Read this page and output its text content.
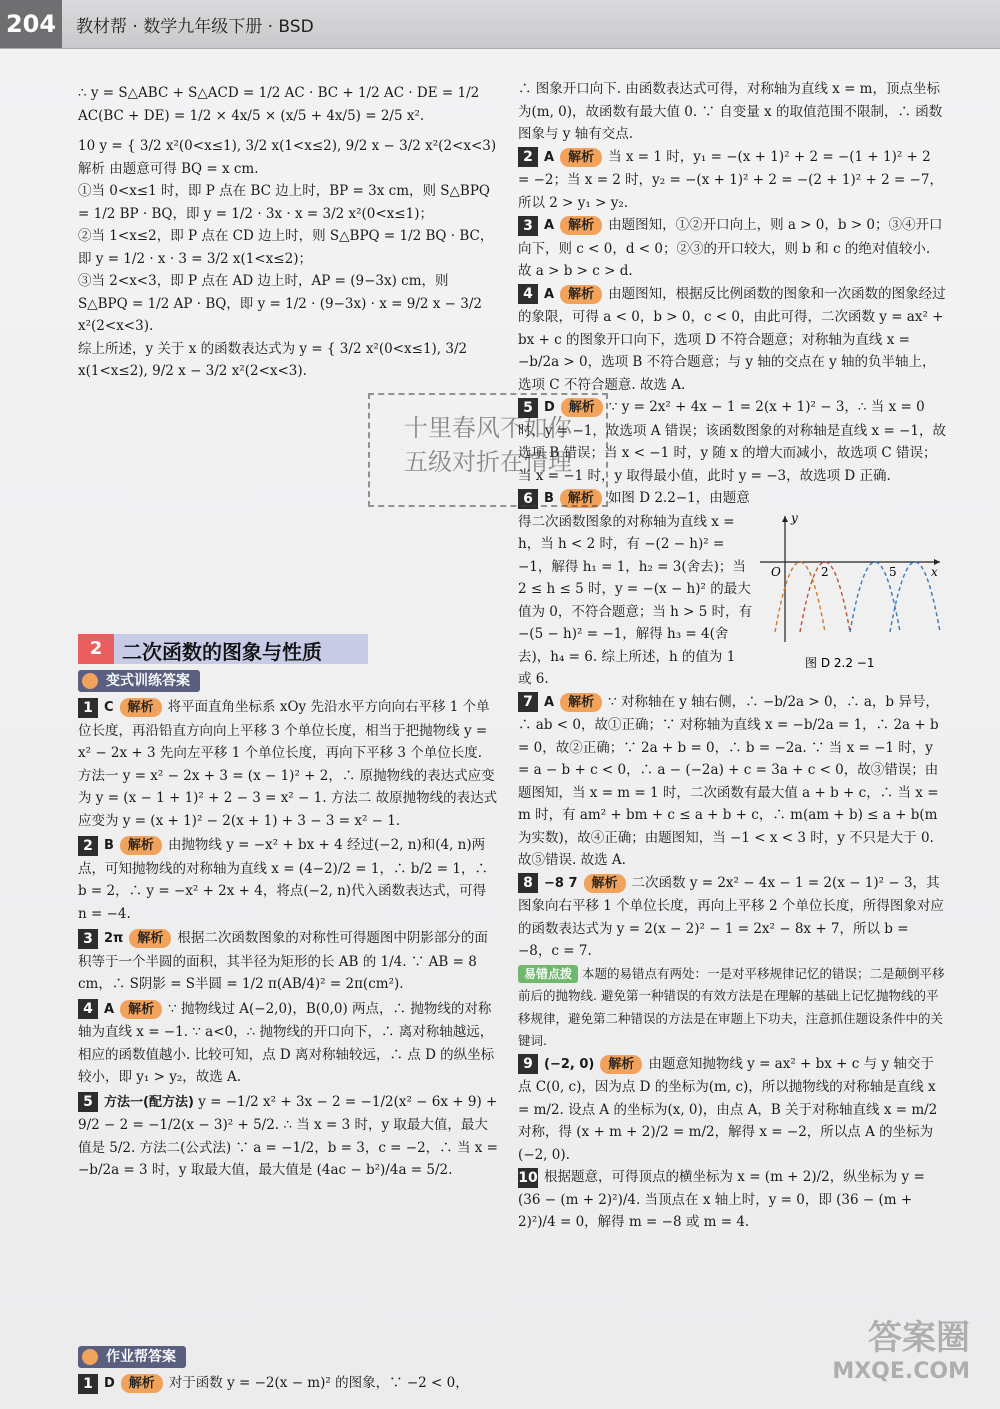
204	教材帮 · 数学九年级下册 · BSD

∴ y = S△ABC + S△ACD = 1/2 AC · BC + 1/2 AC · DE = 1/2 AC(BC + DE) = 1/2 × 4x/5 × (x/5 + 4x/5) = 2/5 x².

10 y = { 3/2 x²(0<x≤1), 3/2 x(1<x≤2), 9/2 x − 3/2 x²(2<x<3) 解析 由题意可得 BQ = x cm.

①当 0<x≤1 时，即 P 点在 BC 边上时，BP = 3x cm，则 S△BPQ = 1/2 BP · BQ，即 y = 1/2 · 3x · x = 3/2 x²(0<x≤1)；

②当 1<x≤2，即 P 点在 CD 边上时，则 S△BPQ = 1/2 BQ · BC，即 y = 1/2 · x · 3 = 3/2 x(1<x≤2)；

③当 2<x<3，即 P 点在 AD 边上时，AP = (9−3x) cm，则 S△BPQ = 1/2 AP · BQ，即 y = 1/2 · (9−3x) · x = 9/2 x − 3/2 x²(2<x<3).

综上所述，y 关于 x 的函数表达式为 y = { 3/2 x²(0<x≤1), 3/2 x(1<x≤2), 9/2 x − 3/2 x²(2<x<3).

2 二次函数的图象与性质
变式训练答案

1 C 解析 将平面直角坐标系 xOy 先沿水平方向向右平移 1 个单位长度，再沿铅直方向向上平移 3 个单位长度，相当于把抛物线 y = x² − 2x + 3 先向左平移 1 个单位长度，再向下平移 3 个单位长度. 方法一 y = x² − 2x + 3 = (x − 1)² + 2，∴ 原抛物线的表达式应变为 y = (x − 1 + 1)² + 2 − 3 = x² − 1. 方法二 故原抛物线的表达式应变为 y = (x + 1)² − 2(x + 1) + 3 − 3 = x² − 1.

2 B 解析 由抛物线 y = −x² + bx + 4 经过(−2, n)和(4, n)两点，可知抛物线的对称轴为直线 x = (4−2)/2 = 1，∴ b/2 = 1，∴ b = 2，∴ y = −x² + 2x + 4，将点(−2, n)代入函数表达式，可得 n = −4.

3 2π 解析 根据二次函数图象的对称性可得题图中阴影部分的面积等于一个半圆的面积，其半径为矩形的长 AB 的 1/4. ∵ AB = 8 cm，∴ S阴影 = S半圆 = 1/2 π(AB/4)² = 2π(cm²).

4 A 解析 ∵ 抛物线过 A(−2,0)，B(0,0) 两点，∴ 抛物线的对称轴为直线 x = −1. ∵ a<0，∴ 抛物线的开口向下，∴ 离对称轴越远，相应的函数值越小. 比较可知，点 D 离对称轴较远，∴ 点 D 的纵坐标较小，即 y₁ > y₂，故选 A.

5 方法一(配方法) y = −1/2 x² + 3x − 2 = −1/2(x² − 6x + 9) + 9/2 − 2 = −1/2(x − 3)² + 5/2. ∴ 当 x = 3 时，y 取最大值，最大值是 5/2. 方法二(公式法) ∵ a = −1/2，b = 3，c = −2，∴ 当 x = −b/2a = 3 时，y 取最大值，最大值是 (4ac − b²)/4a = 5/2.

作业帮答案

1 D 解析 对于函数 y = −2(x − m)² 的图象，∵ −2 < 0，

∴ 图象开口向下. 由函数表达式可得，对称轴为直线 x = m，顶点坐标为(m, 0)，故函数有最大值 0. ∵ 自变量 x 的取值范围不限制，∴ 函数图象与 y 轴有交点.

2 A 解析 当 x = 1 时，y₁ = −(x + 1)² + 2 = −(1 + 1)² + 2 = −2；当 x = 2 时，y₂ = −(x + 1)² + 2 = −(2 + 1)² + 2 = −7，所以 2 > y₁ > y₂.

3 A 解析 由题图知，①②开口向上，则 a > 0，b > 0；③④开口向下，则 c < 0，d < 0；②③的开口较大，则 b 和 c 的绝对值较小. 故 a > b > c > d.

4 A 解析 由题图知，根据反比例函数的图象和一次函数的图象经过的象限，可得 a < 0，b > 0，c < 0，由此可得，二次函数 y = ax² + bx + c 的图象开口向下，选项 D 不符合题意；对称轴为直线 x = −b/2a > 0，选项 B 不符合题意；与 y 轴的交点在 y 轴的负半轴上，选项 C 不符合题意. 故选 A.

5 D 解析 ∵ y = 2x² + 4x − 1 = 2(x + 1)² − 3，∴ 当 x = 0 时，y = −1，故选项 A 错误；该函数图象的对称轴是直线 x = −1，故选项 B 错误；当 x < −1 时，y 随 x 的增大而减小，故选项 C 错误；当 x = −1 时，y 取得最小值，此时 y = −3，故选项 D 正确.

6 B 解析 如图 D 2.2−1，由题意得二次函数图象的对称轴为直线 x = h，当 h < 2 时，有 −(2 − h)² = −1，解得 h₁ = 1，h₂ = 3(舍去)；当 2 ≤ h ≤ 5 时，y = −(x − h)² 的最大值为 0，不符合题意；当 h > 5 时，有 −(5 − h)² = −1，解得 h₃ = 4(舍去)，h₄ = 6. 综上所述，h 的值为 1 或 6.

7 A 解析 ∵ 对称轴在 y 轴右侧，∴ −b/2a > 0，∴ a，b 异号，∴ ab < 0，故①正确；∵ 对称轴为直线 x = −b/2a = 1，∴ 2a + b = 0，故②正确；∵ 2a + b = 0，∴ b = −2a. ∵ 当 x = −1 时，y = a − b + c < 0，∴ a − (−2a) + c = 3a + c < 0，故③错误；由题图知，当 x = m = 1 时，二次函数有最大值 a + b + c，∴ 当 x = m 时，有 am² + bm + c ≤ a + b + c，∴ m(am + b) ≤ a + b(m 为实数)，故④正确；由题图知，当 −1 < x < 3 时，y 不只是大于 0. 故⑤错误. 故选 A.

8 −8 7 解析 二次函数 y = 2x² − 4x − 1 = 2(x − 1)² − 3，其图象向右平移 1 个单位长度，再向上平移 2 个单位长度，所得图象对应的函数表达式为 y = 2(x − 2)² − 1 = 2x² − 8x + 7，所以 b = −8，c = 7.

易错点拨 本题的易错点有两处：一是对平移规律记忆的错误；二是颠倒平移前后的抛物线. 避免第一种错误的有效方法是在理解的基础上记忆抛物线的平移规律，避免第二种错误的方法是在审题上下功夫，注意抓住题设条件中的关键词.

9 (−2, 0) 解析 由题意知抛物线 y = ax² + bx + c 与 y 轴交于点 C(0, c)，因为点 D 的坐标为(m, c)，所以抛物线的对称轴是直线 x = m/2. 设点 A 的坐标为(x, 0)，由点 A，B 关于对称轴直线 x = m/2 对称，得 (x + m + 2)/2 = m/2，解得 x = −2，所以点 A 的坐标为(−2, 0).

10 根据题意，可得顶点的横坐标为 x = (m + 2)/2，纵坐标为 y = (36 − (m + 2)²)/4. 当顶点在 x 轴上时，y = 0，即 (36 − (m + 2)²)/4 = 0，解得 m = −8 或 m = 4.

y
x
O	2	5
图 D 2.2 −1
十里春风不如你
五级对折在情理
答案圈
MXQE.COM
